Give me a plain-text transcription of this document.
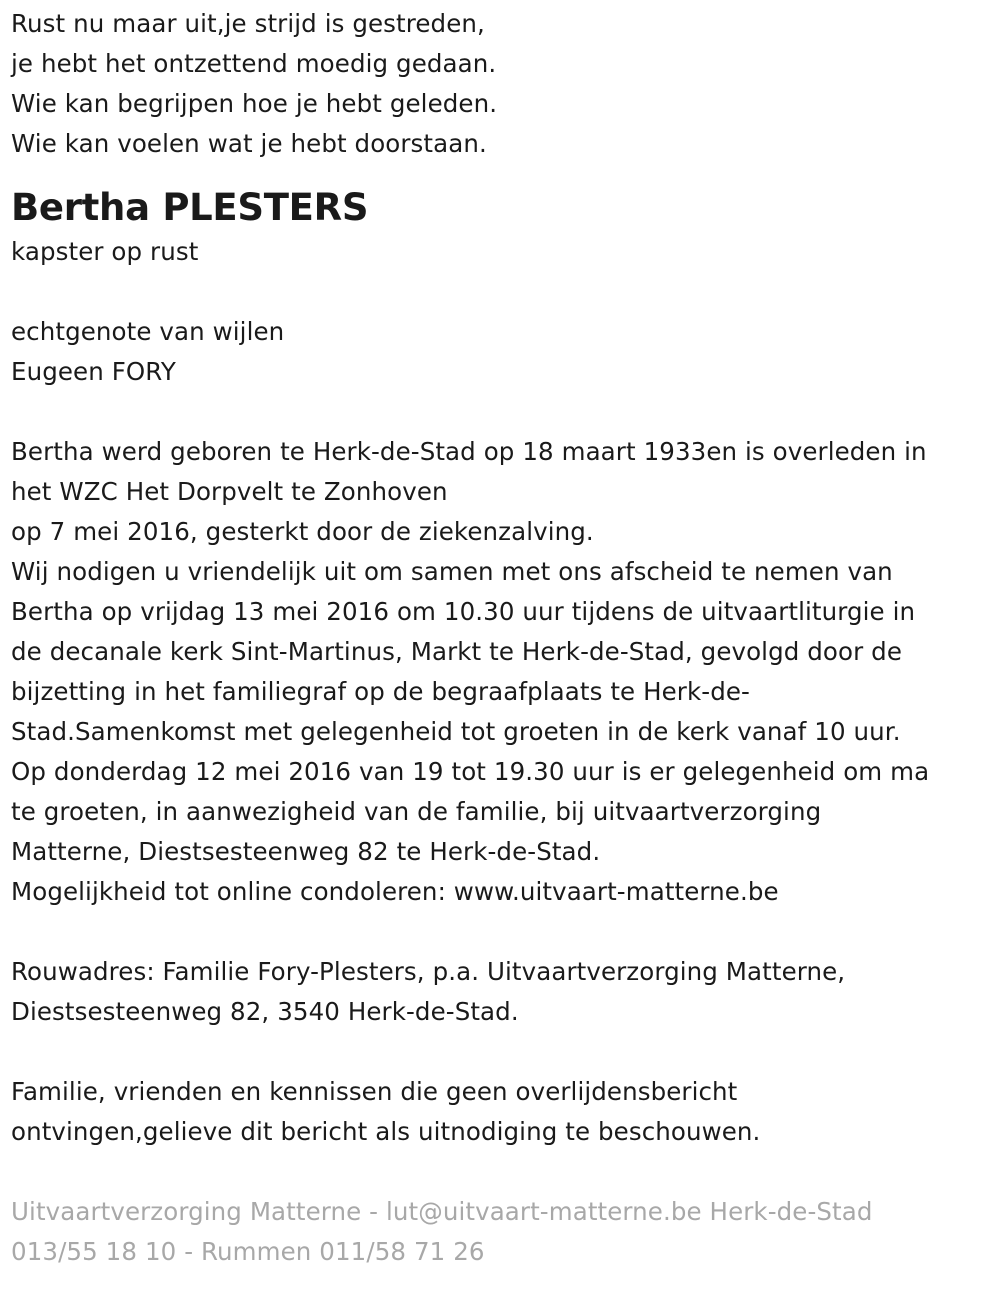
Rust nu maar uit,je strijd is gestreden,
je hebt het ontzettend moedig gedaan.
Wie kan begrijpen hoe je hebt geleden.
Wie kan voelen wat je hebt doorstaan.
Bertha PLESTERS
kapster op rust
echtgenote van wijlen
Eugeen FORY
Bertha werd geboren te Herk-de-Stad op 18 maart 1933en is overleden in
het WZC Het Dorpvelt te Zonhoven
op 7 mei 2016, gesterkt door de ziekenzalving.
Wij nodigen u vriendelijk uit om samen met ons afscheid te nemen van
Bertha op vrijdag 13 mei 2016 om 10.30 uur tijdens de uitvaartliturgie in
de decanale kerk Sint-Martinus, Markt te Herk-de-Stad, gevolgd door de
bijzetting in het familiegraf op de begraafplaats te Herk-de-
Stad.Samenkomst met gelegenheid tot groeten in de kerk vanaf 10 uur.
Op donderdag 12 mei 2016 van 19 tot 19.30 uur is er gelegenheid om ma
te groeten, in aanwezigheid van de familie, bij uitvaartverzorging
Matterne, Diestsesteenweg 82 te Herk-de-Stad.
Mogelijkheid tot online condoleren: www.uitvaart-matterne.be
Rouwadres: Familie Fory-Plesters, p.a. Uitvaartverzorging Matterne,
Diestsesteenweg 82, 3540 Herk-de-Stad.
Familie, vrienden en kennissen die geen overlijdensbericht
ontvingen,gelieve dit bericht als uitnodiging te beschouwen.
Uitvaartverzorging Matterne - lut@uitvaart-matterne.be Herk-de-Stad
013/55 18 10 - Rummen 011/58 71 26
